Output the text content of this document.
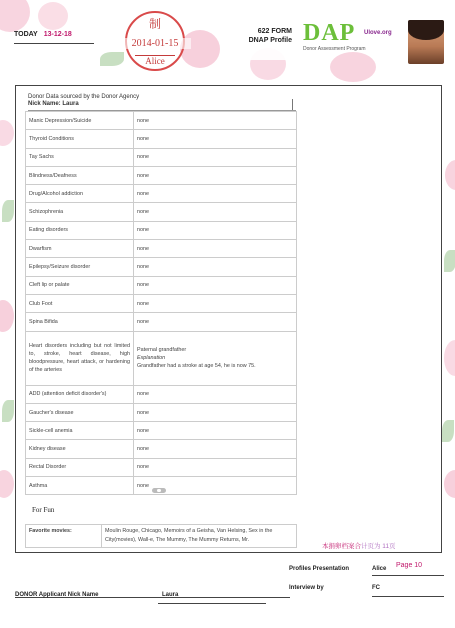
TODAY 13-12-18
制
2014-01-15
Alice
622 FORM
DNAP Profile DAP Ulove.org
Donor Assessment Program
Donor Data sourced by the Donor Agency
Nick Name: Laura
Manic Depression/Suicide	none
Thyroid Conditions	none
Tay Sachs	none
Blindness/Deafness	none
Drug/Alcohol addiction	none
Schizophrenia	none
Eating disorders	none
Dwarfism	none
Epilepsy/Seizure disorder	none
Cleft lip or palate	none
Club Foot	none
Spina Bifida	none
Heart disorders including but not limited to, stroke, heart disease, high bloodpressure, heart attack, or hardening of the arteries	Paternal grandfather
Explanation
Grandfather had a stroke at age 54, he is now 75.

ADD (attention deficit disorder's)	none
Gaucher's disease	none
Sickle-cell anemia	none
Kidney disease	none
Rectal Disorder	none
Asthma	none
For Fun
Favorite movies:	Moulin Rouge, Chicago, Memoirs of a Geisha, Van Helsing, Sex in the City(movies), Wall-e, The Mummy, The Mummy Returns, Mr.
本捐卵档案合计页为 11页
Profiles Presentation	Alice Page 10
Interview by	FC
DONOR Applicant Nick Name	Laura
